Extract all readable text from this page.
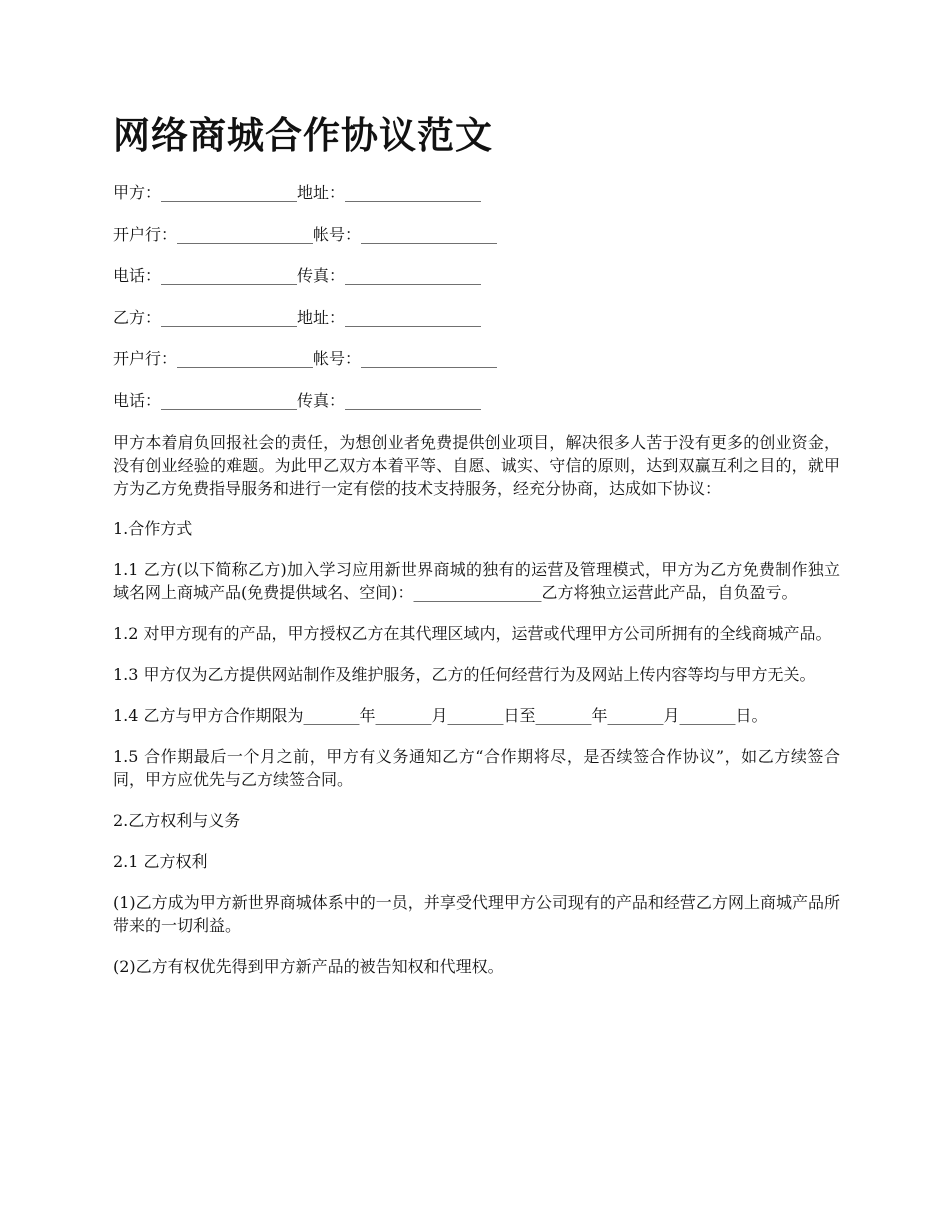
网络商城合作协议范文
甲方：_________________地址：_________________
开户行：_________________帐号：_________________
电话：_________________传真：_________________
乙方：_________________地址：_________________
开户行：_________________帐号：_________________
电话：_________________传真：_________________

甲方本着肩负回报社会的责任，为想创业者免费提供创业项目，解决很多人苦于没有更多的创业资金，没有创业经验的难题。为此甲乙双方本着平等、自愿、诚实、守信的原则，达到双赢互利之目的，就甲方为乙方免费指导服务和进行一定有偿的技术支持服务，经充分协商，达成如下协议：

1.合作方式

1.1 乙方(以下简称乙方)加入学习应用新世界商城的独有的运营及管理模式，甲方为乙方免费制作独立域名网上商城产品(免费提供域名、空间)：________________乙方将独立运营此产品，自负盈亏。

1.2 对甲方现有的产品，甲方授权乙方在其代理区域内，运营或代理甲方公司所拥有的全线商城产品。

1.3 甲方仅为乙方提供网站制作及维护服务，乙方的任何经营行为及网站上传内容等均与甲方无关。

1.4 乙方与甲方合作期限为_______年_______月_______日至_______年_______月_______日。

1.5 合作期最后一个月之前，甲方有义务通知乙方“合作期将尽，是否续签合作协议”，如乙方续签合同，甲方应优先与乙方续签合同。

2.乙方权利与义务

2.1 乙方权利

(1)乙方成为甲方新世界商城体系中的一员，并享受代理甲方公司现有的产品和经营乙方网上商城产品所带来的一切利益。

(2)乙方有权优先得到甲方新产品的被告知权和代理权。
